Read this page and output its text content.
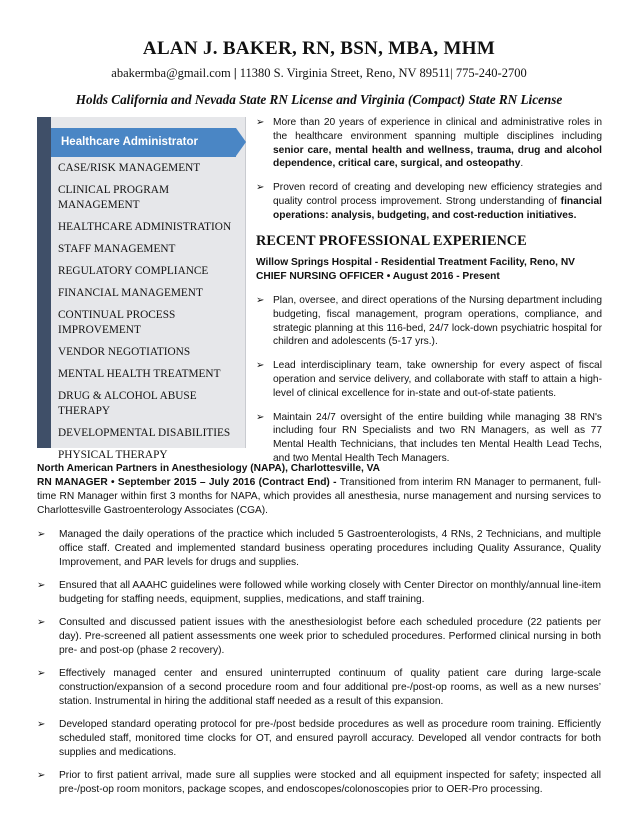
ALAN J. BAKER, RN, BSN, MBA, MHM
abakermba@gmail.com | 11380 S. Virginia Street, Reno, NV 89511| 775-240-2700
Holds California and Nevada State RN License and Virginia (Compact) State RN License
Healthcare Administrator
CASE/RISK MANAGEMENT
CLINICAL PROGRAM MANAGEMENT
HEALTHCARE ADMINISTRATION
STAFF MANAGEMENT
REGULATORY COMPLIANCE
FINANCIAL MANAGEMENT
CONTINUAL PROCESS IMPROVEMENT
VENDOR NEGOTIATIONS
MENTAL HEALTH TREATMENT
DRUG & ALCOHOL ABUSE THERAPY
DEVELOPMENTAL DISABILITIES
PHYSICAL THERAPY
➢ More than 20 years of experience in clinical and administrative roles in the healthcare environment spanning multiple disciplines including senior care, mental health and wellness, trauma, drug and alcohol dependence, critical care, surgical, and osteopathy.
➢ Proven record of creating and developing new efficiency strategies and quality control process improvement. Strong understanding of financial operations: analysis, budgeting, and cost-reduction initiatives.
RECENT PROFESSIONAL EXPERIENCE
Willow Springs Hospital - Residential Treatment Facility, Reno, NV
CHIEF NURSING OFFICER • August 2016 - Present
➢ Plan, oversee, and direct operations of the Nursing department including budgeting, fiscal management, program operations, compliance, and strategic planning at this 116-bed, 24/7 lock-down psychiatric hospital for children and adolescents (5-17 yrs.).
➢ Lead interdisciplinary team, take ownership for every aspect of fiscal operation and service delivery, and collaborate with staff to attain a high-level of clinical excellence for in-state and out-of-state patients.
➢ Maintain 24/7 oversight of the entire building while managing 38 RN's including four RN Specialists and two RN Managers, as well as 77 Mental Health Technicians, that includes ten Mental Health Lead Techs, and two Mental Health Tech Managers.
North American Partners in Anesthesiology (NAPA), Charlottesville, VA
RN MANAGER • September 2015 – July 2016 (Contract End) - Transitioned from interim RN Manager to permanent, full-time RN Manager within first 3 months for NAPA, which provides all anesthesia, nurse management and nursing services to Charlottesville Gastroenterology Associates (CGA).
➢ Managed the daily operations of the practice which included 5 Gastroenterologists, 4 RNs, 2 Technicians, and multiple office staff. Created and implemented standard business operating procedures including Quality Assurance, Quality Improvement, and PAR levels for drugs and supplies.
➢ Ensured that all AAAHC guidelines were followed while working closely with Center Director on monthly/annual line-item budgeting for staffing needs, equipment, supplies, medications, and staff training.
➢ Consulted and discussed patient issues with the anesthesiologist before each scheduled procedure (22 patients per day). Pre-screened all patient assessments one week prior to scheduled procedures. Performed clinical nursing in both pre- and post-op (phase 2 recovery).
➢ Effectively managed center and ensured uninterrupted continuum of quality patient care during large-scale construction/expansion of a second procedure room and four additional pre-/post-op rooms, as well as a new nurses’ station. Instrumental in hiring the additional staff needed as a result of this expansion.
➢ Developed standard operating protocol for pre-/post bedside procedures as well as procedure room training. Efficiently scheduled staff, monitored time clocks for OT, and ensured payroll accuracy. Developed all vendor contracts for both supplies and medications.
➢ Prior to first patient arrival, made sure all supplies were stocked and all equipment inspected for safety; inspected all pre-/post-op room monitors, package scopes, and endoscopes/colonoscopies prior to OER-Pro processing.
